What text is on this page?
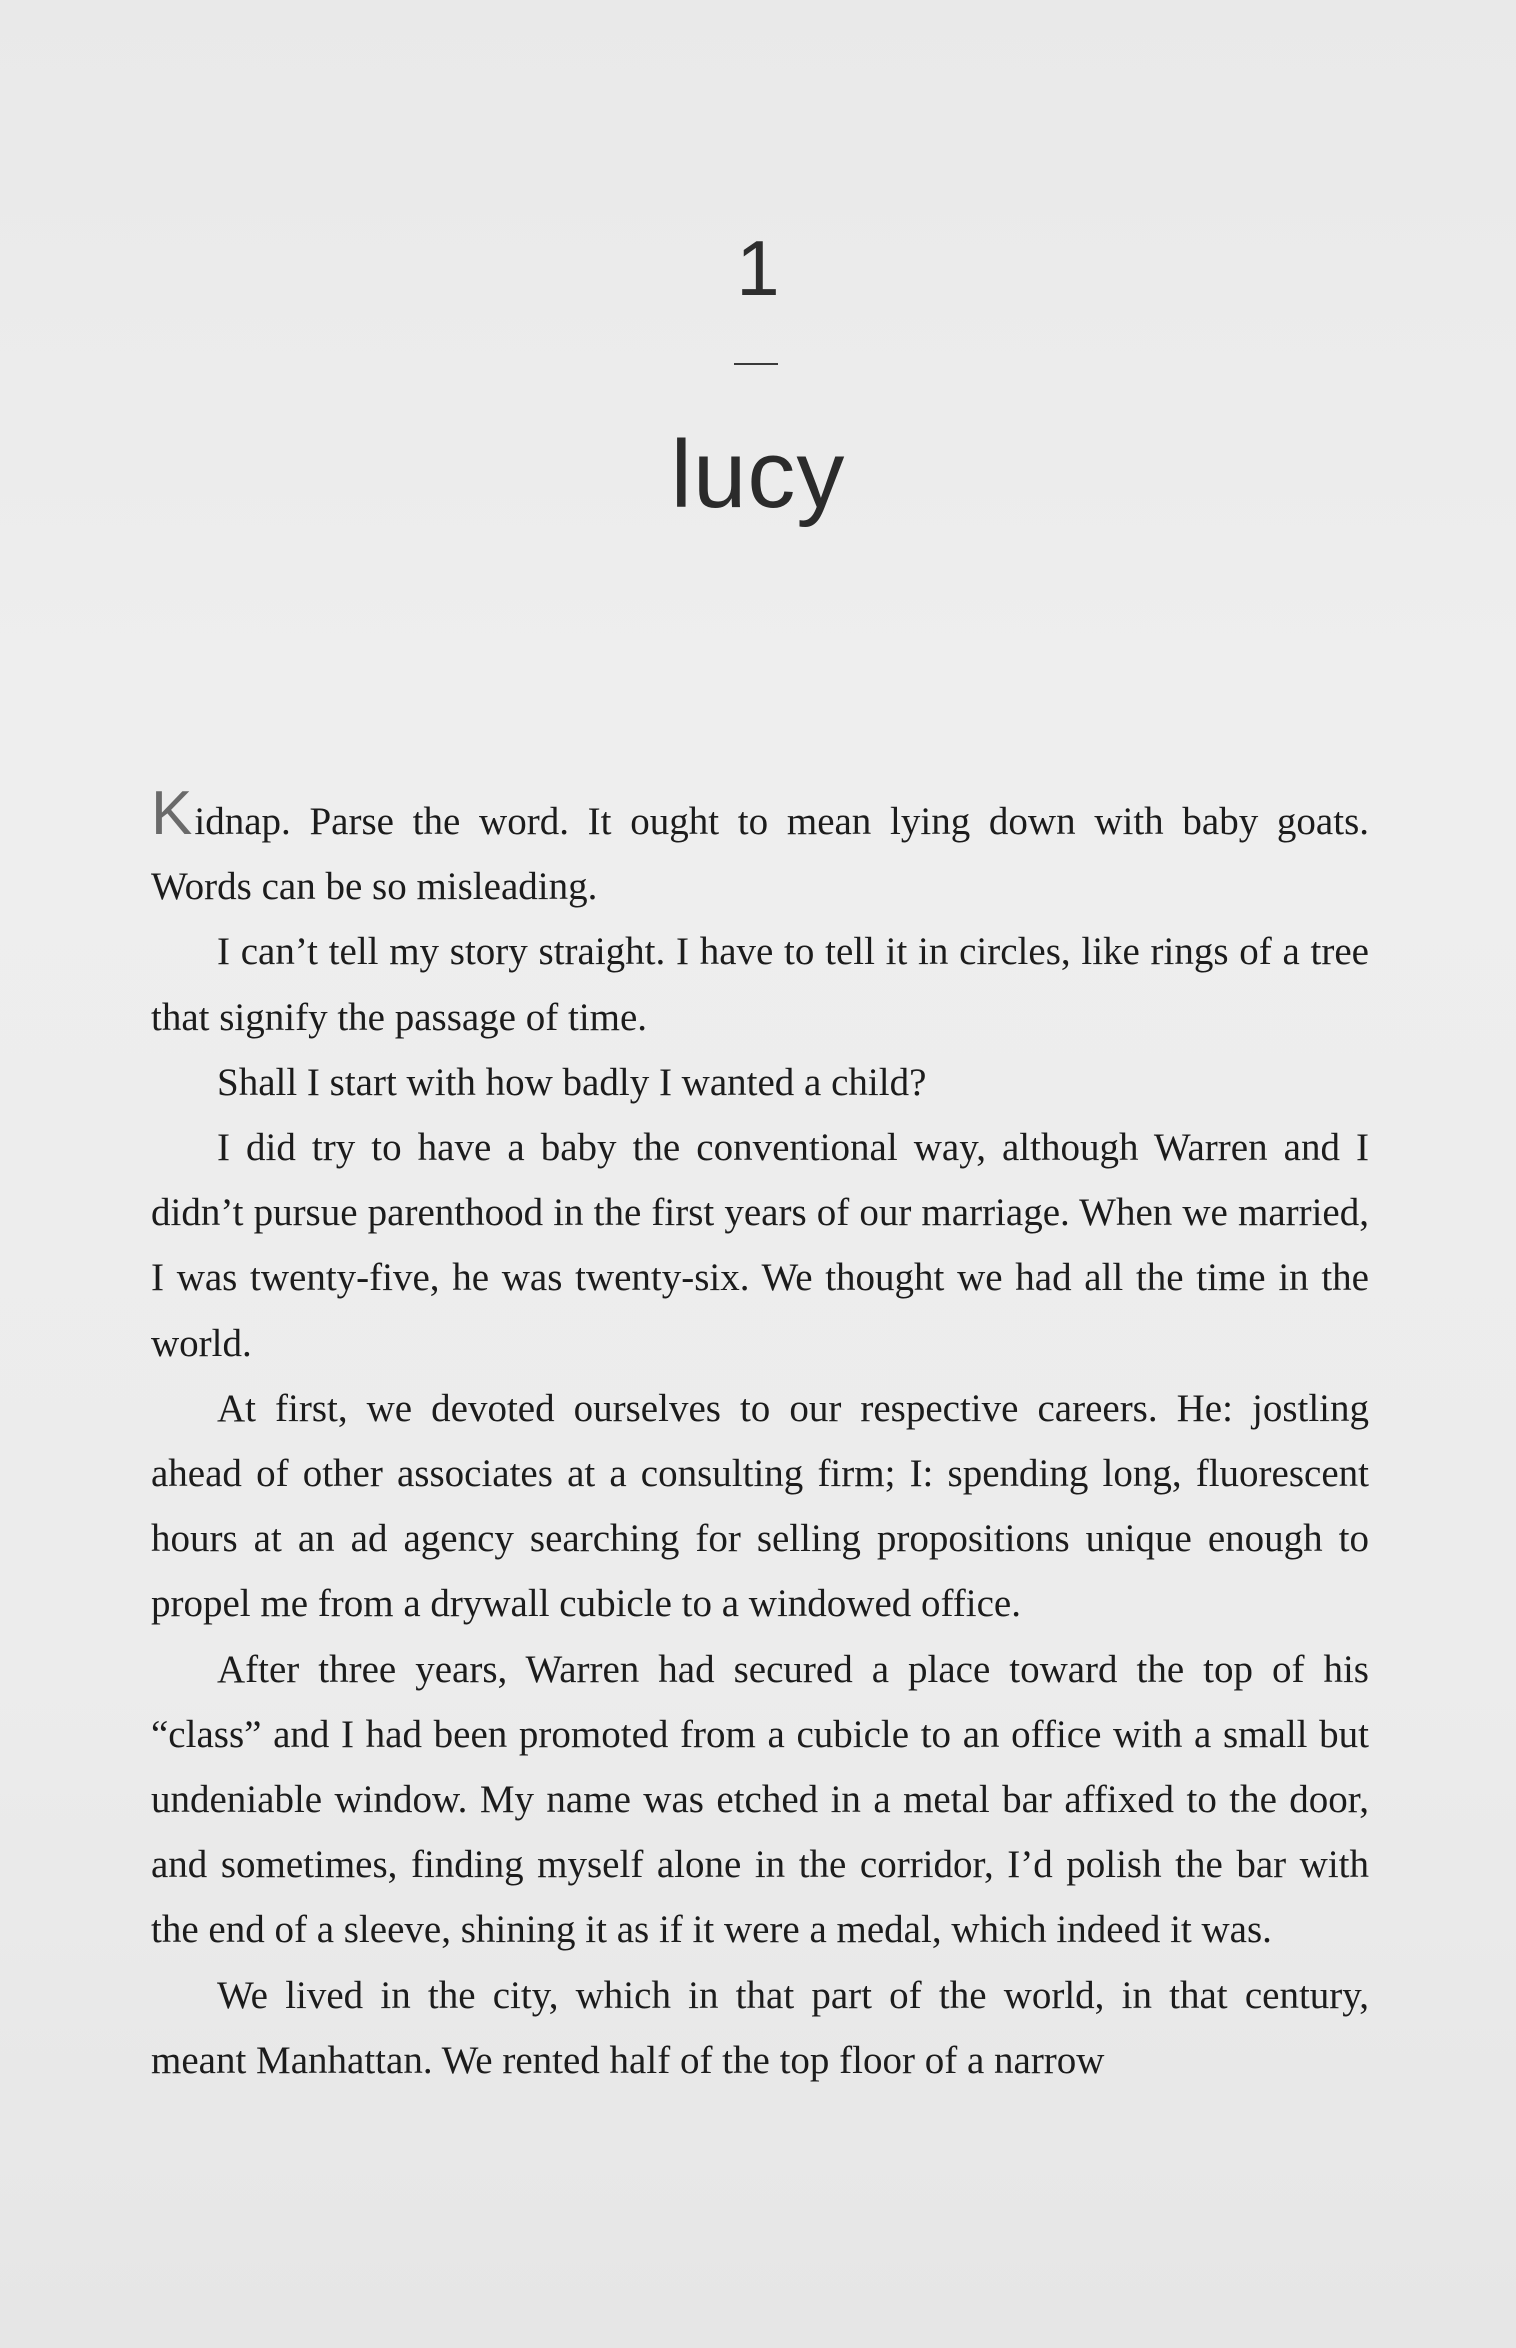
1
lucy

Kidnap. Parse the word. It ought to mean lying down with baby goats. Words can be so misleading.

I can’t tell my story straight. I have to tell it in circles, like rings of a tree that signify the passage of time.

Shall I start with how badly I wanted a child?

I did try to have a baby the conventional way, although Warren and I didn’t pursue parenthood in the first years of our marriage. When we married, I was twenty-five, he was twenty-six. We thought we had all the time in the world.

At first, we devoted ourselves to our respective careers. He: jostling ahead of other associates at a consulting firm; I: spending long, fluorescent hours at an ad agency searching for selling propositions unique enough to propel me from a drywall cubicle to a windowed office.

After three years, Warren had secured a place toward the top of his “class” and I had been promoted from a cubicle to an office with a small but undeniable window. My name was etched in a metal bar affixed to the door, and sometimes, finding myself alone in the corridor, I’d polish the bar with the end of a sleeve, shining it as if it were a medal, which indeed it was.

We lived in the city, which in that part of the world, in that century, meant Manhattan. We rented half of the top floor of a narrow
